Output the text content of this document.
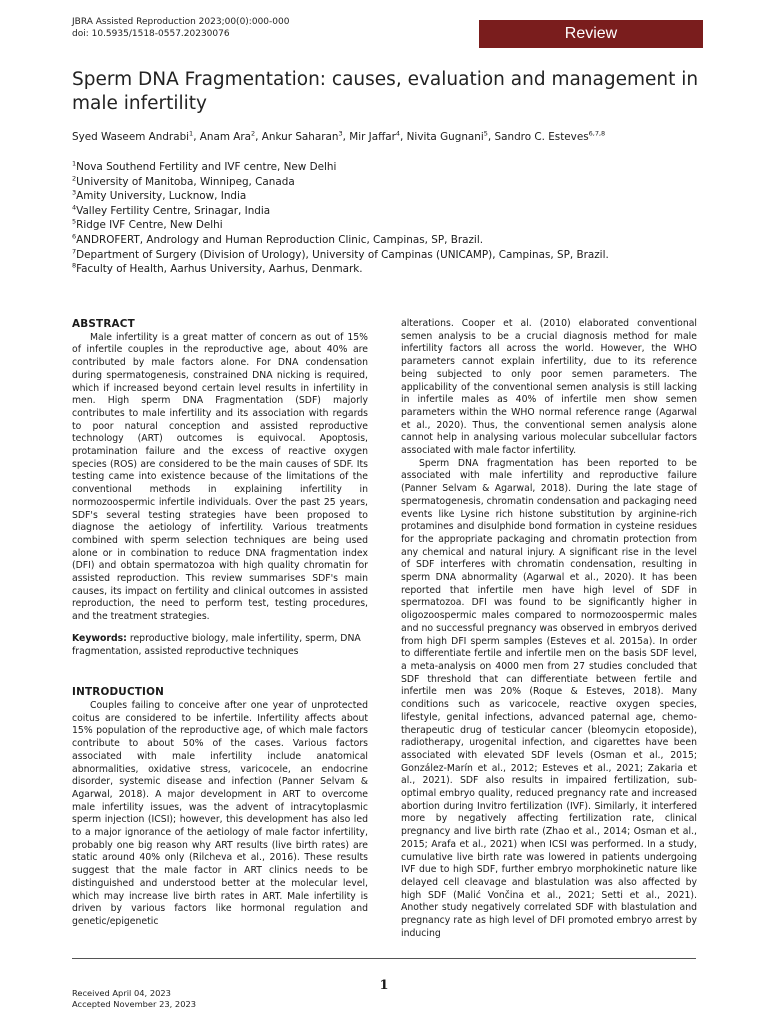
JBRA Assisted Reproduction 2023;00(0):000-000
doi: 10.5935/1518-0557.20230076	Review
Sperm DNA Fragmentation: causes, evaluation and management in male infertility
Syed Waseem Andrabi$^1$, Anam Ara$^2$, Ankur Saharan$^3$, Mir Jaffar$^4$, Nivita Gugnani$^5$, Sandro C. Esteves$^{6,7,8}$
$^1$Nova Southend Fertility and IVF centre, New Delhi
$^2$University of Manitoba, Winnipeg, Canada
$^3$Amity University, Lucknow, India
$^4$Valley Fertility Centre, Srinagar, India
$^5$Ridge IVF Centre, New Delhi
$^6$ANDROFERT, Andrology and Human Reproduction Clinic, Campinas, SP, Brazil.
$^7$Department of Surgery (Division of Urology), University of Campinas (UNICAMP), Campinas, SP, Brazil.
$^8$Faculty of Health, Aarhus University, Aarhus, Denmark.
ABSTRACT

Male infertility is a great matter of concern as out of 15% of infertile couples in the reproductive age, about 40% are contributed by male factors alone. For DNA condensation during spermatogenesis, constrained DNA nicking is required, which if increased beyond certain level results in infertility in men. High sperm DNA Fragmentation (SDF) majorly contributes to male infertility and its association with regards to poor natural conception and assisted reproductive technology (ART) outcomes is equivocal. Apoptosis, protamination failure and the excess of reactive oxygen species (ROS) are considered to be the main causes of SDF. Its testing came into existence because of the limitations of the conventional methods in explaining infertility in normozoospermic infertile individuals. Over the past 25 years, SDF's several testing strategies have been proposed to diagnose the aetiology of infertility. Various treatments combined with sperm selection techniques are being used alone or in combination to reduce DNA fragmentation index (DFI) and obtain spermatozoa with high quality chromatin for assisted reproduction. This review summarises SDF's main causes, its impact on fertility and clinical outcomes in assisted reproduction, the need to perform test, testing procedures, and the treatment strategies.

Keywords: reproductive biology, male infertility, sperm, DNA fragmentation, assisted reproductive techniques

INTRODUCTION

Couples failing to conceive after one year of unprotected coitus are considered to be infertile. Infertility affects about 15% population of the reproductive age, of which male factors contribute to about 50% of the cases. Various factors associated with male infertility include anatomical abnormalities, oxidative stress, varicocele, an endocrine disorder, systemic disease and infection (Panner Selvam & Agarwal, 2018). A major development in ART to overcome male infertility issues, was the advent of intracytoplasmic sperm injection (ICSI); however, this development has also led to a major ignorance of the aetiology of male factor infertility, probably one big reason why ART results (live birth rates) are static around 40% only (Rilcheva et al., 2016). These results suggest that the male factor in ART clinics needs to be distinguished and understood better at the molecular level, which may increase live birth rates in ART. Male infertility is driven by various factors like hormonal regulation and genetic/epigenetic

alterations. Cooper et al. (2010) elaborated conventional semen analysis to be a crucial diagnosis method for male infertility factors all across the world. However, the WHO parameters cannot explain infertility, due to its reference being subjected to only poor semen parameters. The applicability of the conventional semen analysis is still lacking in infertile males as 40% of infertile men show semen parameters within the WHO normal reference range (Agarwal et al., 2020). Thus, the conventional semen analysis alone cannot help in analysing various molecular subcellular factors associated with male factor infertility.

Sperm DNA fragmentation has been reported to be associated with male infertility and reproductive failure (Panner Selvam & Agarwal, 2018). During the late stage of spermatogenesis, chromatin condensation and packaging need events like Lysine rich histone substitution by arginine-rich protamines and disulphide bond formation in cysteine residues for the appropriate packaging and chromatin protection from any chemical and natural injury. A significant rise in the level of SDF interferes with chromatin condensation, resulting in sperm DNA abnormality (Agarwal et al., 2020). It has been reported that infertile men have high level of SDF in spermatozoa. DFI was found to be significantly higher in oligozoospermic males compared to normozoospermic males and no successful pregnancy was observed in embryos derived from high DFI sperm samples (Esteves et al. 2015a). In order to differentiate fertile and infertile men on the basis SDF level, a meta-analysis on 4000 men from 27 studies concluded that SDF threshold that can differentiate between fertile and infertile men was 20% (Roque & Esteves, 2018). Many conditions such as varicocele, reactive oxygen species, lifestyle, genital infections, advanced paternal age, chemo-therapeutic drug of testicular cancer (bleomycin etoposide), radiotherapy, urogenital infection, and cigarettes have been associated with elevated SDF levels (Osman et al., 2015; González-Marín et al., 2012; Esteves et al., 2021; Zakaria et al., 2021). SDF also results in impaired fertilization, sub-optimal embryo quality, reduced pregnancy rate and increased abortion during Invitro fertilization (IVF). Similarly, it interfered more by negatively affecting fertilization rate, clinical pregnancy and live birth rate (Zhao et al., 2014; Osman et al., 2015; Arafa et al., 2021) when ICSI was performed. In a study, cumulative live birth rate was lowered in patients undergoing IVF due to high SDF, further embryo morphokinetic nature like delayed cell cleavage and blastulation was also affected by high SDF (Malić Vončina et al., 2021; Setti et al., 2021). Another study negatively correlated SDF with blastulation and pregnancy rate as high level of DFI promoted embryo arrest by inducing

1
Received April 04, 2023
Accepted November 23, 2023
